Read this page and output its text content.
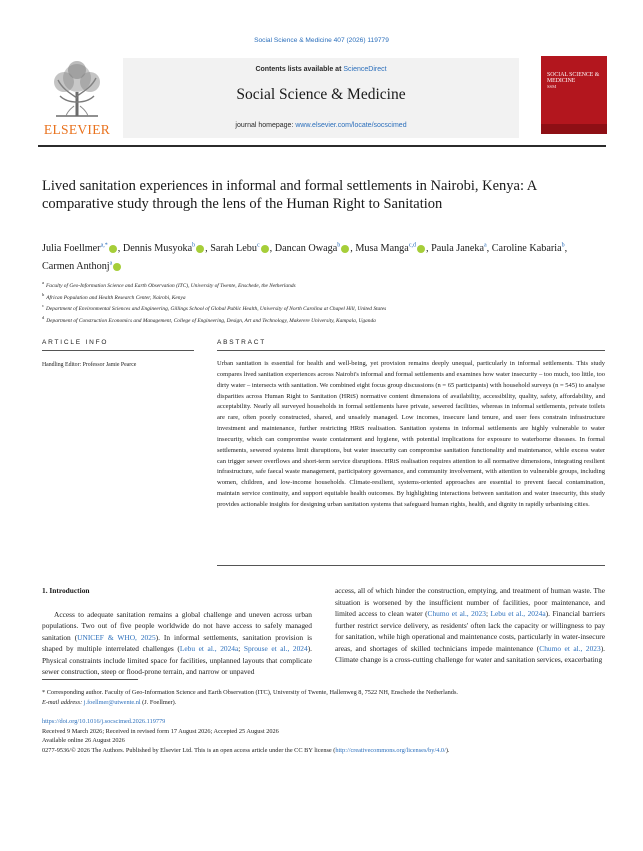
Social Science & Medicine 407 (2026) 119779
ELSEVIER
Contents lists available at ScienceDirect
Social Science & Medicine
journal homepage: www.elsevier.com/locate/socscimed
SOCIAL SCIENCE & MEDICINE
SSM
Lived sanitation experiences in informal and formal settlements in Nairobi, Kenya: A comparative study through the lens of the Human Right to Sanitation
Julia Foellmer$^{a,*}$ , Dennis Musyoka$^b$ , Sarah Lebu$^c$ , Dancan Owaga$^b$ , Musa Manga$^{c,d}$ , Paula Janeka$^a$, Caroline Kabaria$^b$, Carmen Anthonj$^a$
$^a$Faculty of Geo-Information Science and Earth Observation (ITC), University of Twente, Enschede, the Netherlands
$^b$African Population and Health Research Center, Nairobi, Kenya
$^c$Department of Environmental Sciences and Engineering, Gillings School of Global Public Health, University of North Carolina at Chapel Hill, United States
$^d$Department of Construction Economics and Management, College of Engineering, Design, Art and Technology, Makerere University, Kampala, Uganda
ARTICLE INFO
Handling Editor: Professor Jamie Pearce
ABSTRACT
Urban sanitation is essential for health and well-being, yet provision remains deeply unequal, particularly in informal settlements. This study compares lived sanitation experiences across Nairobi's informal and formal settlements and examines how water insecurity – too much, too little, too dirty water – intersects with sanitation. We combined eight focus group discussions (n = 65 participants) with household surveys (n = 545) to analyse disparities across Human Right to Sanitation (HRtS) normative content dimensions of availability, accessibility, quality, safety, affordability, and acceptability. Nearly all surveyed households in formal settlements have private, sewered facilities, whereas in informal settlements, private toilets are rare, often poorly constructed, shared, and unsafely managed. Low incomes, insecure land tenure, and user fees constrain infrastructure investment and maintenance, further restricting HRtS realisation. Sanitation systems in informal settlements are highly vulnerable to water insecurity, which can compromise waste containment and hygiene, with potential implications for exposure to waterborne diseases. In formal settlements, sewered systems limit disruptions, but water insecurity can compromise sanitation functionality and maintenance, while excess water can trigger sewer overflows and short-term service disruptions. HRtS realisation requires attention to all normative dimensions, integrating resilient infrastructure, safe faecal waste management, participatory governance, and community involvement, with attention to vulnerable groups, including women, children, and low-income households. Climate-resilient, systems-oriented approaches are essential to prevent faecal contamination, maintain service continuity, and support equitable health outcomes. By highlighting interactions between sanitation and water insecurity, this study provides actionable insights for designing urban sanitation systems that safeguard human rights, health, and dignity in rapidly urbanising cities.
1. Introduction

Access to adequate sanitation remains a global challenge and uneven across urban populations. Two out of five people worldwide do not have access to safely managed sanitation (UNICEF & WHO, 2025). In informal settlements, sanitation provision is shaped by multiple interrelated challenges (Lebu et al., 2024a; Sprouse et al., 2024). Physical constraints include limited space for facilities, unplanned layouts that complicate sewer construction, steep or flood-prone terrain, and narrow or unpaved

access, all of which hinder the construction, emptying, and treatment of human waste. The situation is worsened by the insufficient number of facilities, poor maintenance, and limited access to clean water (Chumo et al., 2023; Lebu et al., 2024a). Financial barriers further restrict service delivery, as residents' often lack the capacity or willingness to pay for sanitation, while high operational and maintenance costs, particularly in water-insecure areas, and shortages of skilled technicians impede maintenance (Chumo et al., 2023). Climate change is a cross-cutting challenge for water and sanitation services, exacerbating

* Corresponding author. Faculty of Geo-Information Science and Earth Observation (ITC), University of Twente, Hallenweg 8, 7522 NH, Enschede the Netherlands.
E-mail address: j.foellmer@utwente.nl (J. Foellmer).
https://doi.org/10.1016/j.socscimed.2026.119779
Received 9 March 2026; Received in revised form 17 August 2026; Accepted 25 August 2026
Available online 26 August 2026
0277-9536/© 2026 The Authors. Published by Elsevier Ltd. This is an open access article under the CC BY license (http://creativecommons.org/licenses/by/4.0/).
